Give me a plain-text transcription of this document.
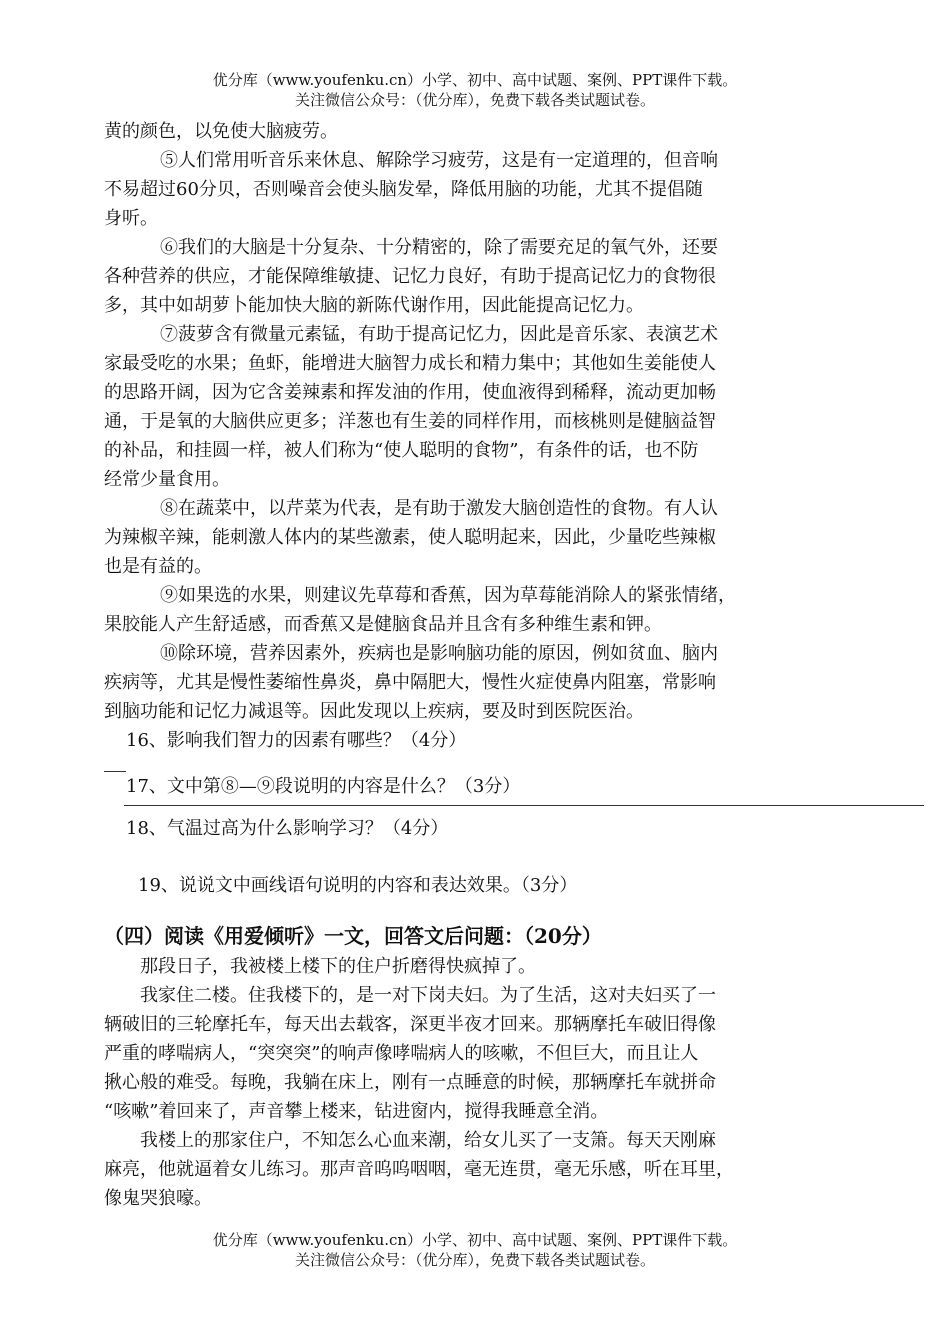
优分库（www.youfenku.cn）小学、初中、高中试题、案例、PPT课件下载。
关注微信公众号：（优分库），免费下载各类试题试卷。
黄的颜色，以免使大脑疲劳。
⑤人们常用听音乐来休息、解除学习疲劳，这是有一定道理的，但音响
不易超过60分贝，否则噪音会使头脑发晕，降低用脑的功能，尤其不提倡随
身听。
⑥我们的大脑是十分复杂、十分精密的，除了需要充足的氧气外，还要
各种营养的供应，才能保障维敏捷、记忆力良好，有助于提高记忆力的食物很
多，其中如胡萝卜能加快大脑的新陈代谢作用，因此能提高记忆力。
⑦菠萝含有微量元素锰，有助于提高记忆力，因此是音乐家、表演艺术
家最受吃的水果；鱼虾，能增进大脑智力成长和精力集中；其他如生姜能使人
的思路开阔，因为它含姜辣素和挥发油的作用，使血液得到稀释，流动更加畅
通，于是氧的大脑供应更多；洋葱也有生姜的同样作用，而核桃则是健脑益智
的补品，和挂圆一样，被人们称为“使人聪明的食物”，有条件的话，也不防
经常少量食用。
⑧在蔬菜中，以芹菜为代表，是有助于激发大脑创造性的食物。有人认
为辣椒辛辣，能刺激人体内的某些激素，使人聪明起来，因此，少量吃些辣椒
也是有益的。
⑨如果选的水果，则建议先草莓和香蕉，因为草莓能消除人的紧张情绪，
果胶能人产生舒适感，而香蕉又是健脑食品并且含有多种维生素和钾。
⑩除环境，营养因素外，疾病也是影响脑功能的原因，例如贫血、脑内
疾病等，尤其是慢性萎缩性鼻炎，鼻中隔肥大，慢性火症使鼻内阻塞，常影响
到脑功能和记忆力减退等。因此发现以上疾病，要及时到医院医治。
16、影响我们智力的因素有哪些？（4分）
17、文中第⑧—⑨段说明的内容是什么？（3分）
18、气温过高为什么影响学习？（4分）
19、说说文中画线语句说明的内容和表达效果。（3分）
（四）阅读《用爱倾听》一文，回答文后问题：（20分）
那段日子，我被楼上楼下的住户折磨得快疯掉了。
我家住二楼。住我楼下的，是一对下岗夫妇。为了生活，这对夫妇买了一
辆破旧的三轮摩托车，每天出去载客，深更半夜才回来。那辆摩托车破旧得像
严重的哮喘病人，“突突突”的响声像哮喘病人的咳嗽，不但巨大，而且让人
揪心般的难受。每晚，我躺在床上，刚有一点睡意的时候，那辆摩托车就拼命
“咳嗽”着回来了，声音攀上楼来，钻进窗内，搅得我睡意全消。
我楼上的那家住户，不知怎么心血来潮，给女儿买了一支箫。每天天刚麻
麻亮，他就逼着女儿练习。那声音呜呜咽咽，毫无连贯，毫无乐感，听在耳里，
像鬼哭狼嚎。
优分库（www.youfenku.cn）小学、初中、高中试题、案例、PPT课件下载。
关注微信公众号：（优分库），免费下载各类试题试卷。
